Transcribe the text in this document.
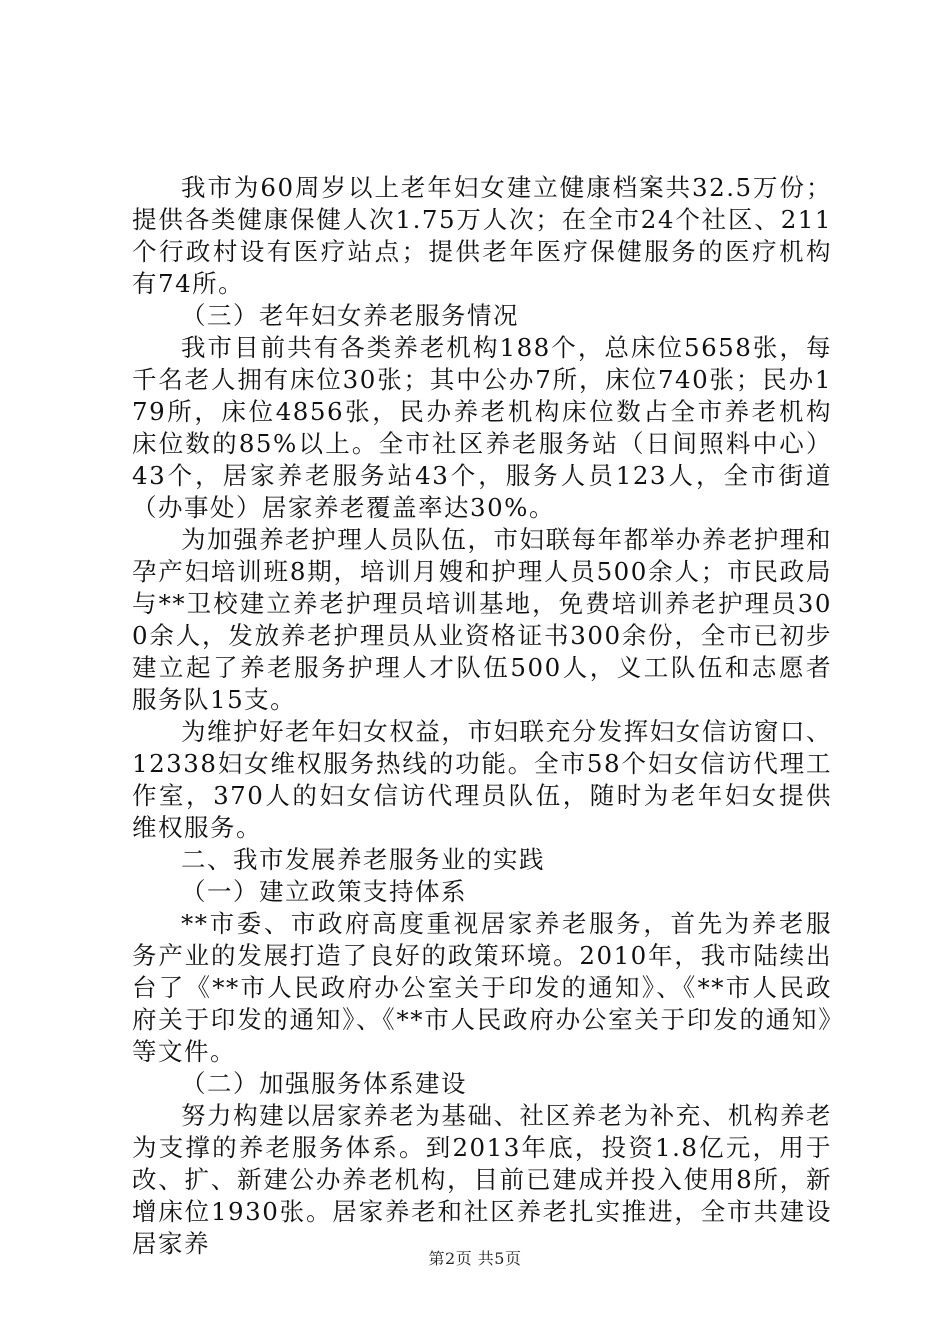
我市为60周岁以上老年妇女建立健康档案共32.5万份；提供各类健康保健人次1.75万人次；在全市24个社区、211个行政村设有医疗站点；提供老年医疗保健服务的医疗机构有74所。

（三）老年妇女养老服务情况

我市目前共有各类养老机构188个，总床位5658张，每千名老人拥有床位30张；其中公办7所，床位740张；民办179所，床位4856张，民办养老机构床位数占全市养老机构床位数的85%以上。全市社区养老服务站（日间照料中心）43个，居家养老服务站43个，服务人员123人，全市街道（办事处）居家养老覆盖率达30%。

为加强养老护理人员队伍，市妇联每年都举办养老护理和孕产妇培训班8期，培训月嫂和护理人员500余人；市民政局与**卫校建立养老护理员培训基地，免费培训养老护理员300余人，发放养老护理员从业资格证书300余份，全市已初步建立起了养老服务护理人才队伍500人，义工队伍和志愿者服务队15支。

为维护好老年妇女权益，市妇联充分发挥妇女信访窗口、12338妇女维权服务热线的功能。全市58个妇女信访代理工作室，370人的妇女信访代理员队伍，随时为老年妇女提供维权服务。

二、我市发展养老服务业的实践

（一）建立政策支持体系

**市委、市政府高度重视居家养老服务，首先为养老服务产业的发展打造了良好的政策环境。2010年，我市陆续出台了《**市人民政府办公室关于印发的通知》、《**市人民政府关于印发的通知》、《**市人民政府办公室关于印发的通知》等文件。

（二）加强服务体系建设

努力构建以居家养老为基础、社区养老为补充、机构养老为支撑的养老服务体系。到2013年底，投资1.8亿元，用于改、扩、新建公办养老机构，目前已建成并投入使用8所，新增床位1930张。居家养老和社区养老扎实推进，全市共建设居家养

第2页 共5页
